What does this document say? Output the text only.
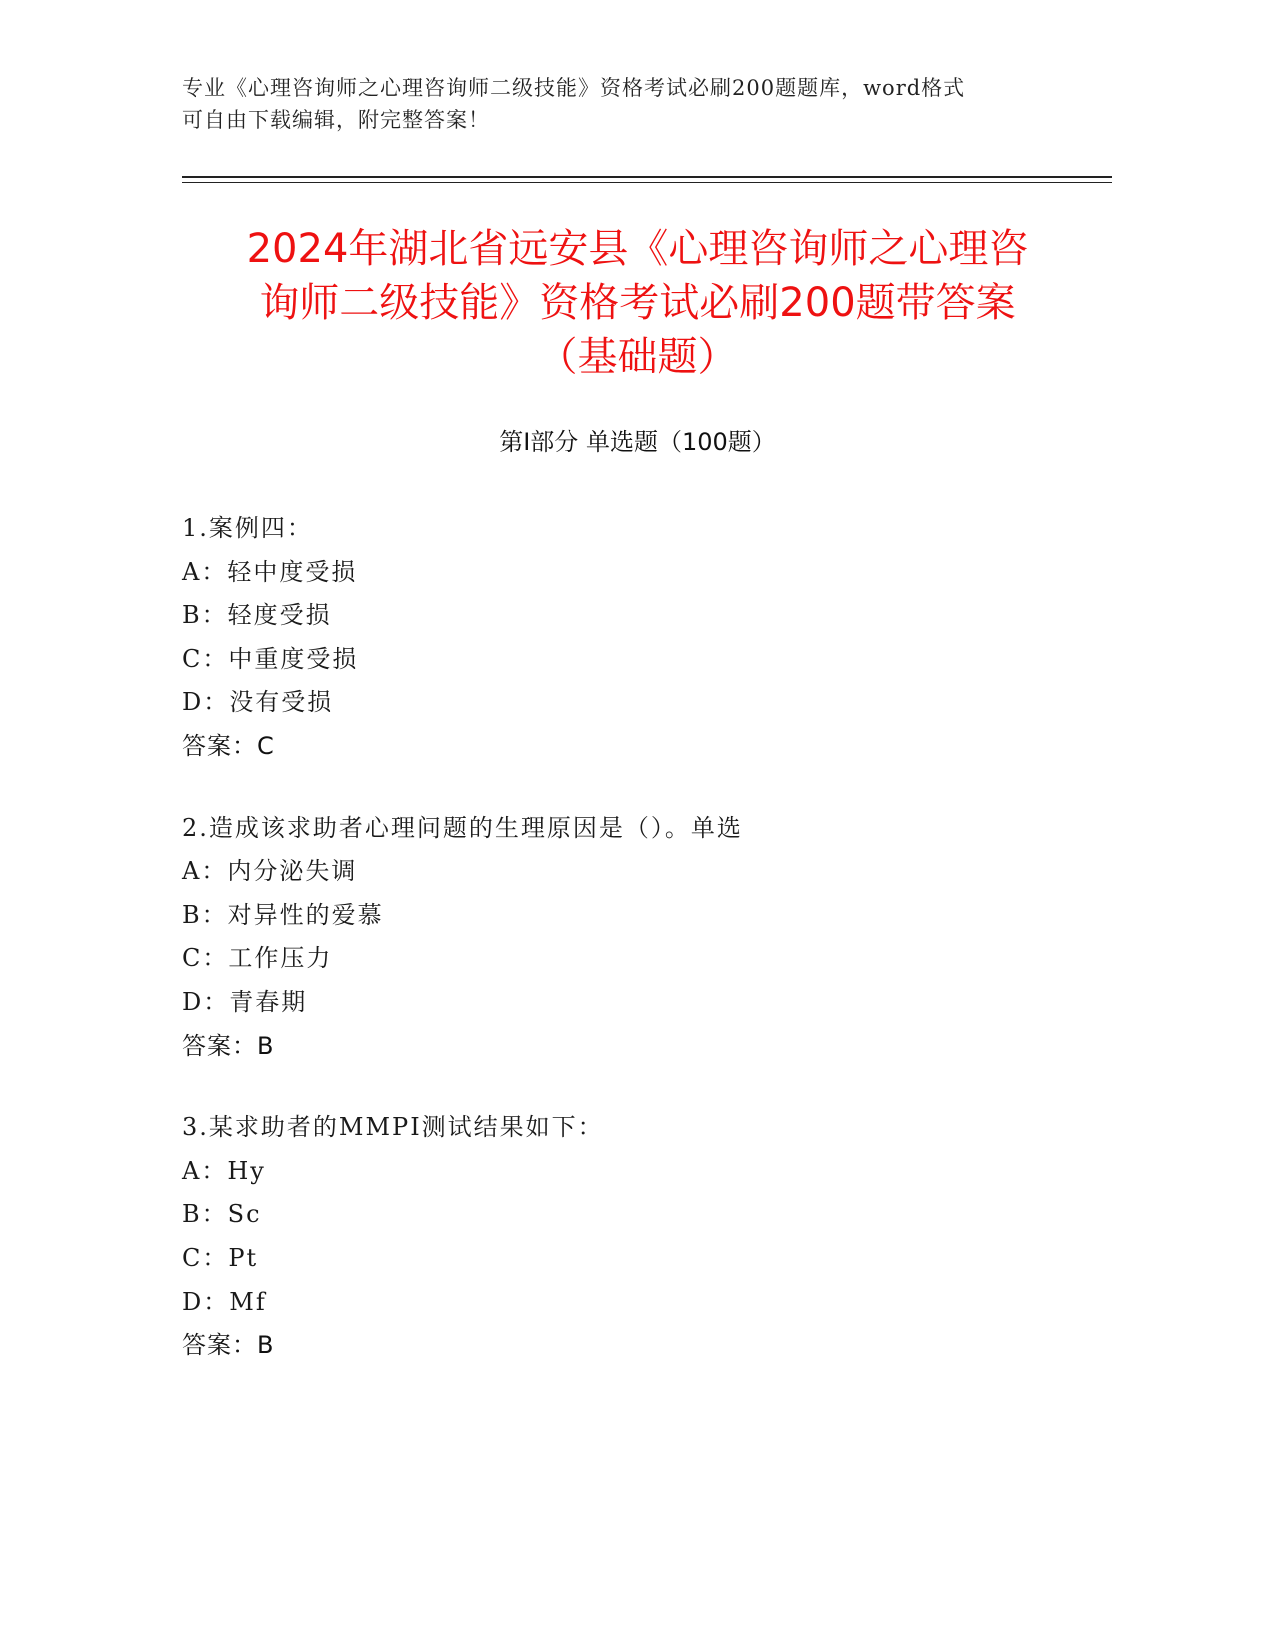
专业《心理咨询师之心理咨询师二级技能》资格考试必刷200题题库，word格式
可自由下载编辑，附完整答案！
2024年湖北省远安县《心理咨询师之心理咨
询师二级技能》资格考试必刷200题带答案
（基础题）
第Ⅰ部分 单选题（100题）
1.案例四：
A：轻中度受损
B：轻度受损
C：中重度受损
D：没有受损
答案：C
2.造成该求助者心理问题的生理原因是（）。单选
A：内分泌失调
B：对异性的爱慕
C：工作压力
D：青春期
答案：B
3.某求助者的MMPI测试结果如下：
A：Hy
B：Sc
C：Pt
D：Mf
答案：B
